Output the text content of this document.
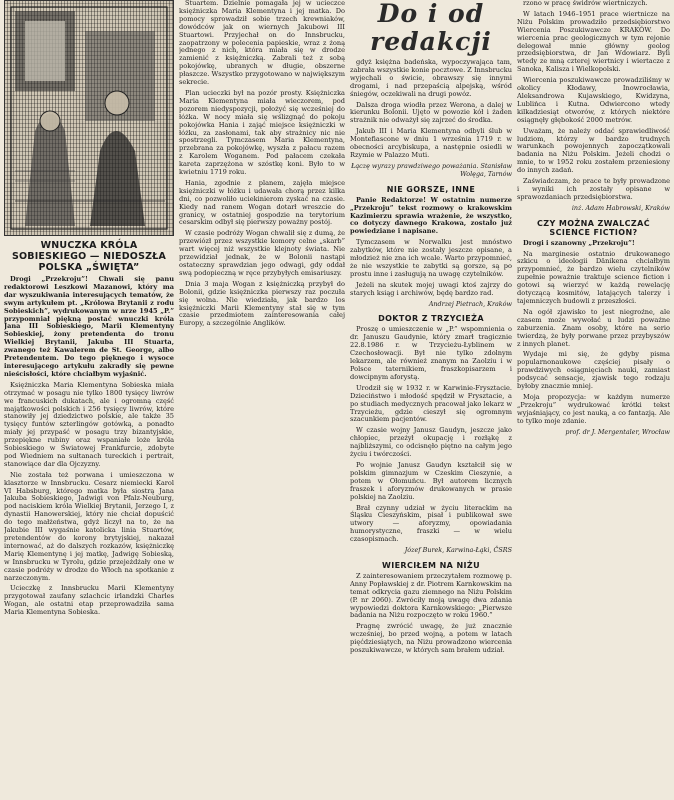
WNUCZKA KRÓLA SOBIESKIEGO — NIEDOSZŁA POLSKA „ŚWIĘTA”

Drogi „Przekroju”! Chwali się panu redaktorowi Leszkowi Mazanowi, który ma dar wyszukiwania interesujących tematów, że swym artykułem pt. „Królowa Brytanii z rodu Sobieskich”, wydrukowanym w nrze 1945 „P.” przypomniał piękną postać wnuczki króla Jana III Sobieskiego, Marii Klementyny Sobieskiej, żony pretendenta do tronu Wielkiej Brytanii, Jakuba III Stuarta, zwanego też Kawalerem de St. George, albo Pretendentem. Do tego pięknego i wysoce interesującego artykułu zakradły się pewne nieścisłości, które chciałbym wyjaśnić.

Księżniczka Maria Klementyna Sobieska miała otrzymać w posagu nie tylko 1800 tysięcy liwrów we francuskich dukatach, ale i ogromną część majątkowości polskich i 256 tysięcy liwrów, które stanowiły jej dziedzictwo polskie, ale także 35 tysięcy funtów szterlingów gotówką, a ponadto miały jej przypaść w posagu trzy bizantyjskie, przepiękne rubiny oraz wspaniałe loże króla Sobieskiego w Światowej Frankfurcie, zdobyte pod Wiedniem na sułtanach tureckich i pertrait, stanowiące dar dla Ojczyzny.

Nie została też porwana i umieszczona w klasztorze w Innsbrucku. Cesarz niemiecki Karol VI Habsburg, którego matka była siostrą Jana Jakuba Sobieskiego, Jadwigi von Pfalz-Neuburg, pod naciskiem króla Wielkiej Brytanii, Jerzego I, z dynastii Hanowerskiej, który nie chciał dopuścić do tego małżeństwa, gdyż liczył na to, że na Jakubie III wygaśnie katolicka linia Stuartów, pretendentów do korony brytyjskiej, nakazał internować, aż do dalszych rozkazów, księżniczkę Marię Klementynę i jej matkę, Jadwigę Sobieską, w Innsbrucku w Tyrolu, gdzie przejeżdżały one w czasie podróży w drodze do Włoch na spotkanie z narzeczonym.

Ucieczkę z Innsbrucku Marii Klementyny przygotował zaufany szlachcic irlandzki Charles Wogan, ale ostatni etap przeprowadziła sama Maria Klementyna Sobieska.

Stuartem. Dzielnie pomagała jej w ucieczce księżniczka Maria Klementyna i jej matka. Do pomocy sprowadził sobie trzech krewniaków, dowódców jak on wiernych Jakubowi III Stuartowi. Przyjechał on do Innsbrucku, zaopatrzony w polecenia papieskie, wraz z żoną jednego z nich, która miała się w drodze zamienić z księżniczką. Zabrali też z sobą pokojówkę, ubranych w długie, obszerne płaszcze. Wszystko przygotowano w największym sekrecie.

Plan ucieczki był na pozór prosty. Księżniczka Maria Klementyna miała wieczorem, pod pozorem niedyspozycji, położyć się wcześniej do łóżka. W nocy miała się wślizgnąć do pokoju pokojówka Hania i zająć miejsce księżniczki w łóżku, za zasłonami, tak aby strażnicy nic nie spostrzegli. Tymczasem Maria Klementyna, przebrana za pokojówkę, wyszła z pałacu razem z Karolem Woganem. Pod pałacem czekała kareta zaprzężona w szóstkę koni. Było to w kwietniu 1719 roku.

Hania, zgodnie z planem, zajęła miejsce księżniczki w łóżku i udawała chorą przez kilka dni, co pozwoliło uciekinierom zyskać na czasie. Kiedy nad ranem Wogan dotarł wreszcie do granicy, w ostatniej gospodzie na terytorium cesarskim odbył się pierwszy poważny postój.

W czasie podróży Wogan chwalił się z dumą, że przewiózł przez wszystkie komory celne „skarb” wart więcej niż wszystkie klejnoty świata. Nie przewidział jednak, że w Bolonii nastąpi ostateczny sprawdzian jego odwagi, gdy oddał swą podopieczną w ręce przybyłych emisariuszy.

Dnia 3 maja Wogan z księżniczką przybył do Bolonii, gdzie księżniczka pierwszy raz poczuła się wolna. Nie wiedziała, jak bardzo los księżniczki Marii Klementyny stał się w tym czasie przedmiotem zainteresowania całej Europy, a szczególnie Anglików.

Do i od redakcji

gdyż księżna badeńska, wypoczywająca tam, zabrała wszystkie konie pocztowe. Z Innsbrucku wyjechali o świcie, obrawszy się innymi drogami, i nad przepaścią alpejską, wśród śniegów, oczekiwali na drugi powóz.

Dalsza droga wiodła przez Werona, a dalej w kierunku Bolonii. Ujęto w powozie kół i żaden strażnik nie odważył się zajrzeć do środka.

Jakub III i Maria Klementyna odbyli ślub w Montefiascone w dniu 1 września 1719 r. w obecności arcybiskupa, a następnie osiedli w Rzymie w Palazzo Muti.

Łączę wyrazy prawdziwego poważania. Stanisław Wolęga, Tarnów

NIE GORSZE, INNE

Panie Redaktorze! W ostatnim numerze „Przekroju” tekst rozmowy o krakowskim Kazimierzu sprawia wrażenie, że wszystko, co dotyczy dawnego Krakowa, zostało już powiedziane i napisane.

Tymczasem w Norwalku jest mnóstwo zabytków, które nie zostały jeszcze opisane, a młodzież nie zna ich wcale. Warto przypomnieć, że nie wszystkie te zabytki są gorsze, są po prostu inne i zasługują na uwagę czytelników.

Jeżeli na skutek mojej uwagi ktoś zajrzy do starych ksiąg i archiwów, będę bardzo rad.

Andrzej Pietrach, Kraków

DOKTOR Z TRZYCIEŻA

Proszę o umieszczenie w „P.” wspomnienia o dr. Januszu Gaudynie, który zmarł tragicznie 22.8.1986 r. w Trzycieżu-Łyblinem w Czechosłowacji. Był nie tylko zdolnym lekarzem, ale również znanym na Zaolziu i w Polsce taternikiem, fraszkopisarzem i dowcipnym aforystą.

Urodził się w 1932 r. w Karwinie-Frysztacie. Dzieciństwo i młodość spędził w Frysztacie, a po studiach medycznych pracował jako lekarz w Trzycieżu, gdzie cieszył się ogromnym szacunkiem pacjentów.

W czasie wojny Janusz Gaudyn, jeszcze jako chłopiec, przeżył okupację i rozłąkę z najbliższymi, co odcisnęło piętno na całym jego życiu i twórczości.

Po wojnie Janusz Gaudyn kształcił się w polskim gimnazjum w Czeskim Cieszynie, a potem w Ołomuńcu. Był autorem licznych fraszek i aforyzmów drukowanych w prasie polskiej na Zaolziu.

Brał czynny udział w życiu literackim na Śląsku Cieszyńskim, pisał i publikował swe utwory — aforyzmy, opowiadania humorystyczne, fraszki — w wielu czasopismach.

Józef Burek, Karwina-Łąki, ČSRS

WIERCIŁEM NA NIŻU

Z zainteresowaniem przeczytałem rozmowę p. Anny Popławskiej z dr. Piotrem Karnkowskim na temat odkrycia gazu ziemnego na Niżu Polskim (P. nr 2060). Zwróciły moją uwagę dwa zdania wypowiedzi doktora Karnkowskiego: „Pierwsze badania na Niżu rozpoczęto w roku 1960.”

Pragnę zwrócić uwagę, że już znacznie wcześniej, bo przed wojną, a potem w latach pięćdziesiątych, na Niżu prowadzono wiercenia poszukiwawcze, w których sam brałem udział.

rzono w pracę świdrów wiertniczych.

W latach 1946–1951 prace wiertnicze na Niżu Polskim prowadziło przedsiębiorstwo Wiercenia Poszukiwawcze KRAKÓW. Do wiercenia prac geologicznych w tym rejonie delegował mnie główny geolog przedsiębiorstwa, dr Jan Wdowiarz. Byli wtedy ze mną czterej wiertnicy i wiertacze z Sanoka, Kalisza i Wielkopolski.

Wiercenia poszukiwawcze prowadziliśmy w okolicy Kłodawy, Inowrocławia, Aleksandrowa Kujawskiego, Kwidzyna, Lublińca i Kutna. Odwiercono wtedy kilkadziesiąt otworów, z których niektóre osiągnęły głębokość 2000 metrów.

Uważam, że należy oddać sprawiedliwość ludziom, którzy w bardzo trudnych warunkach powojennych zapoczątkowali badania na Niżu Polskim. Jeżeli chodzi o mnie, to w 1952 roku zostałem przeniesiony do innych zadań.

Zaświadczam, że prace te były prowadzone i wyniki ich zostały opisane w sprawozdaniach przedsiębiorstwa.

inż. Adam Habrowski, Kraków

CZY MOŻNA ZWALCZAĆ SCIENCE FICTION?

Drogi i szanowny „Przekroju”!

Na marginesie ostatnio drukowanego szkicu o ideologii Dänikena chciałbym przypomnieć, że bardzo wielu czytelników zupełnie poważnie traktuje science fiction i gotowi są wierzyć w każdą rewelację dotyczącą kosmitów, latających talerzy i tajemniczych budowli z przeszłości.

Na ogół zjawisko to jest niegroźne, ale czasem może wywołać u ludzi poważne zaburzenia. Znam osoby, które na serio twierdzą, że były porwane przez przybyszów z innych planet.

Wydaje mi się, że gdyby pisma popularnonaukowe częściej pisały o prawdziwych osiągnięciach nauki, zamiast podsycać sensacje, zjawisk tego rodzaju byłoby znacznie mniej.

Moja propozycja: w każdym numerze „Przekroju” wydrukować krótki tekst wyjaśniający, co jest nauką, a co fantazją. Ale to tylko moje zdanie.

prof. dr J. Mergentaler, Wrocław
